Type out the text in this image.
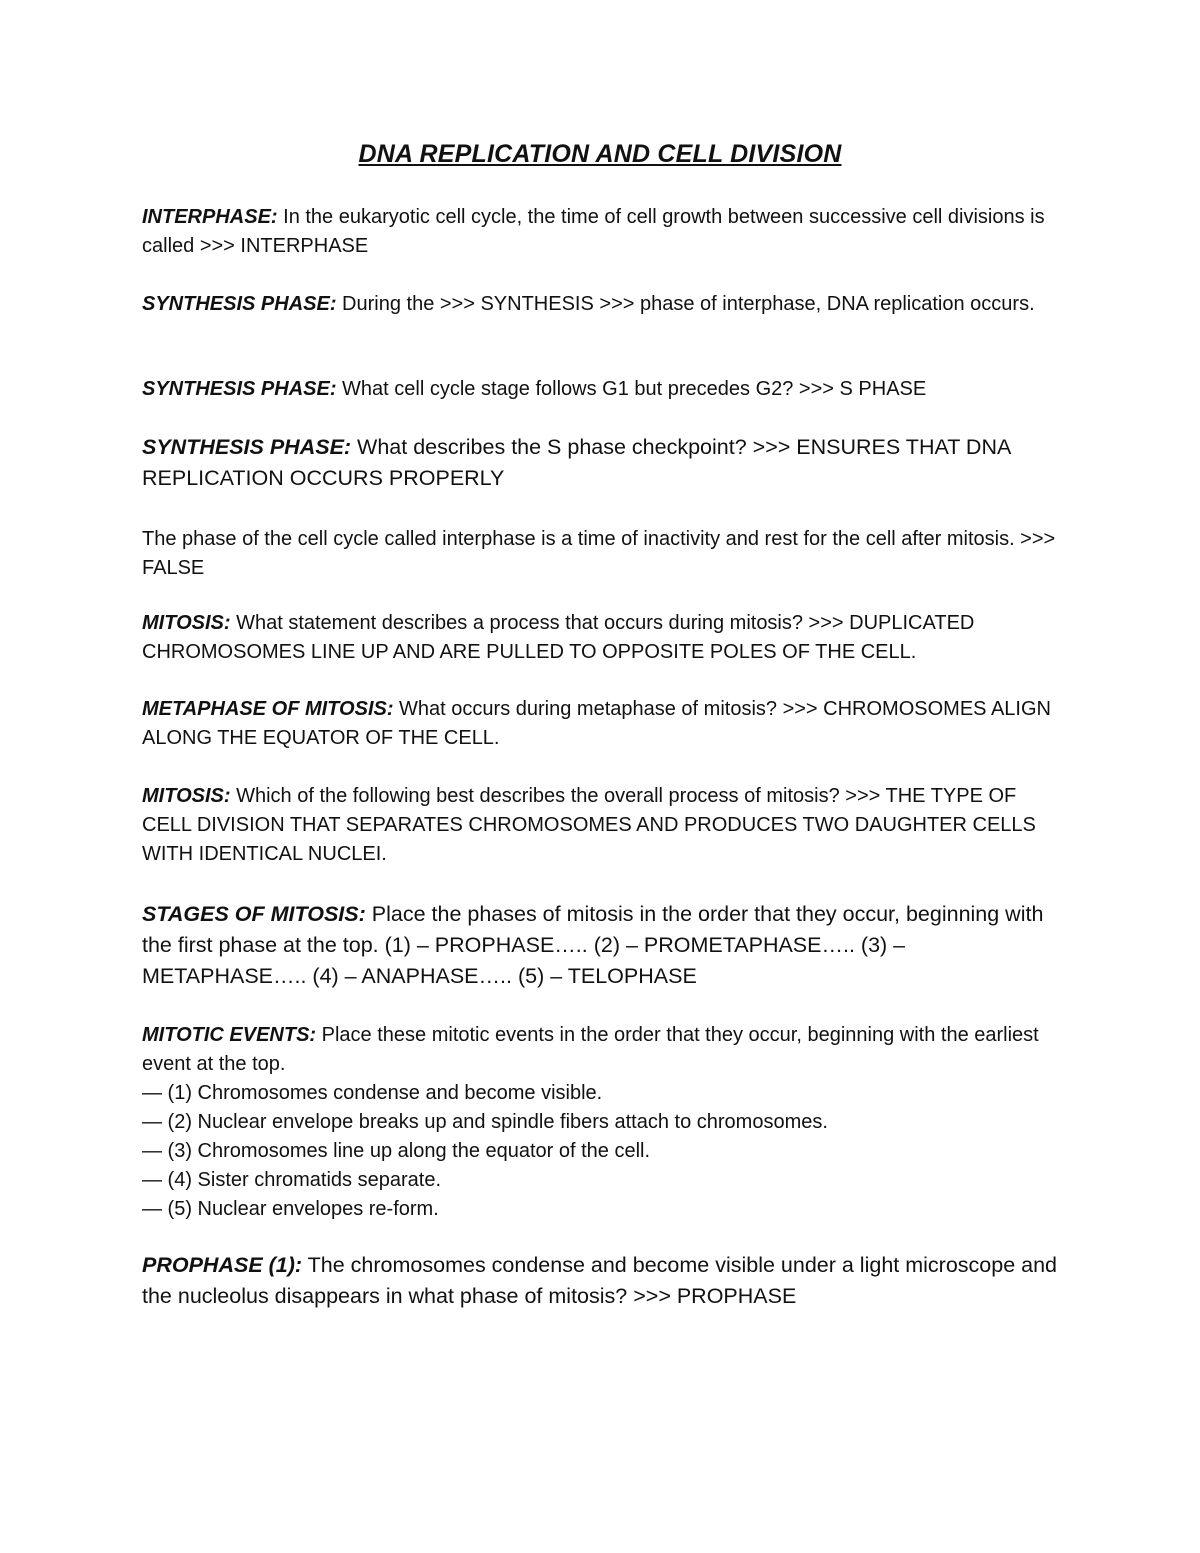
DNA REPLICATION AND CELL DIVISION
INTERPHASE: In the eukaryotic cell cycle, the time of cell growth between successive cell divisions is called >>> INTERPHASE
SYNTHESIS PHASE: During the >>> SYNTHESIS >>> phase of interphase, DNA replication occurs.
SYNTHESIS PHASE: What cell cycle stage follows G1 but precedes G2? >>> S PHASE
SYNTHESIS PHASE: What describes the S phase checkpoint? >>> ENSURES THAT DNA REPLICATION OCCURS PROPERLY
The phase of the cell cycle called interphase is a time of inactivity and rest for the cell after mitosis. >>> FALSE
MITOSIS: What statement describes a process that occurs during mitosis? >>> DUPLICATED CHROMOSOMES LINE UP AND ARE PULLED TO OPPOSITE POLES OF THE CELL.
METAPHASE OF MITOSIS: What occurs during metaphase of mitosis? >>> CHROMOSOMES ALIGN ALONG THE EQUATOR OF THE CELL.
MITOSIS: Which of the following best describes the overall process of mitosis? >>> THE TYPE OF CELL DIVISION THAT SEPARATES CHROMOSOMES AND PRODUCES TWO DAUGHTER CELLS WITH IDENTICAL NUCLEI.
STAGES OF MITOSIS: Place the phases of mitosis in the order that they occur, beginning with the first phase at the top. (1) – PROPHASE….. (2) – PROMETAPHASE….. (3) – METAPHASE….. (4) – ANAPHASE….. (5) – TELOPHASE
MITOTIC EVENTS: Place these mitotic events in the order that they occur, beginning with the earliest event at the top.
— (1) Chromosomes condense and become visible.
— (2) Nuclear envelope breaks up and spindle fibers attach to chromosomes.
— (3) Chromosomes line up along the equator of the cell.
— (4) Sister chromatids separate.
— (5) Nuclear envelopes re-form.
PROPHASE (1): The chromosomes condense and become visible under a light microscope and the nucleolus disappears in what phase of mitosis? >>> PROPHASE
